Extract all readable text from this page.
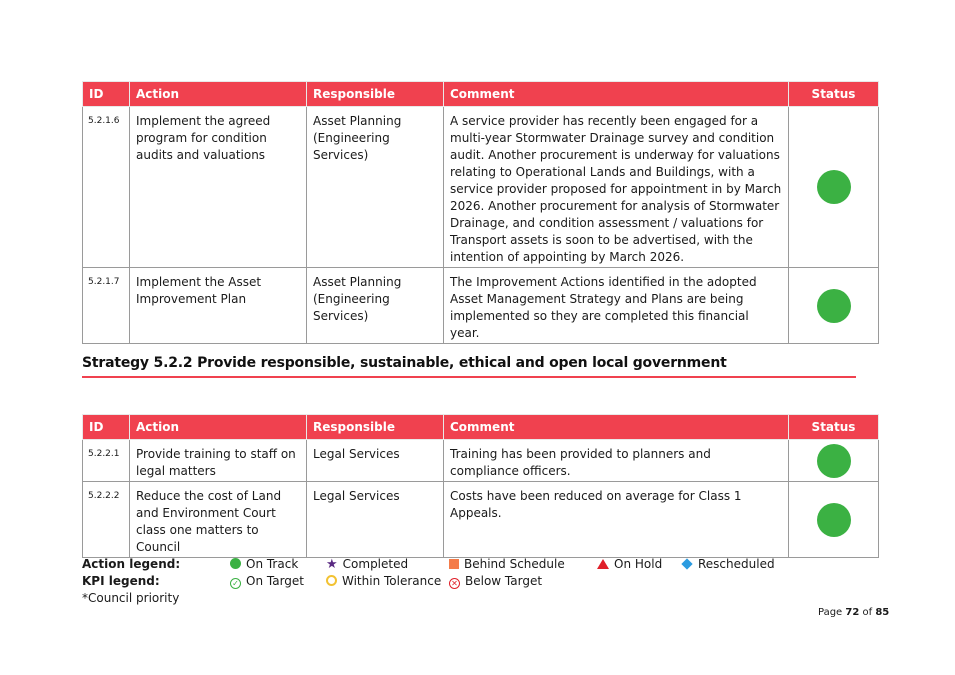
ID	Action	Responsible	Comment	Status
5.2.1.6	Implement the agreed program for condition audits and valuations	Asset Planning (Engineering Services)	A service provider has recently been engaged for a multi-year Stormwater Drainage survey and condition audit. Another procurement is underway for valuations relating to Operational Lands and Buildings, with a service provider proposed for appointment in by March 2026. Another procurement for analysis of Stormwater Drainage, and condition assessment / valuations for Transport assets is soon to be advertised, with the intention of appointing by March 2026.	
5.2.1.7	Implement the Asset Improvement Plan	Asset Planning (Engineering Services)	The Improvement Actions identified in the adopted Asset Management Strategy and Plans are being implemented so they are completed this financial year.	
Strategy 5.2.2 Provide responsible, sustainable, ethical and open local government
ID	Action	Responsible	Comment	Status
5.2.2.1	Provide training to staff on legal matters	Legal Services	Training has been provided to planners and compliance officers.	
5.2.2.2	Reduce the cost of Land and Environment Court class one matters to Council	Legal Services	Costs have been reduced on average for Class 1 Appeals.	
Action legend:	On Track ★ Completed	Behind Schedule	On Hold	Rescheduled
KPI legend:	✓ On Target	Within Tolerance ✕ Below Target
*Council priority
Page 72 of 85
